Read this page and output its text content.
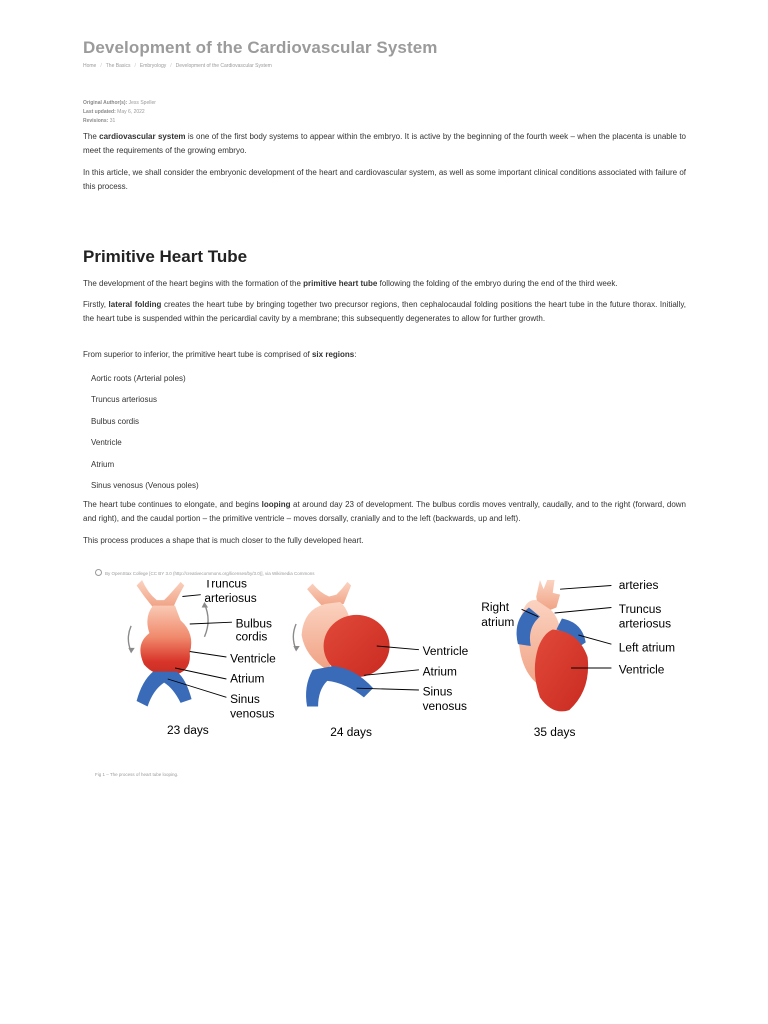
Development of the Cardiovascular System
Home / The Basics / Embryology / Development of the Cardiovascular System
Original Author(s): Jess Speller
Last updated: May 6, 2022
Revisions: 31

The cardiovascular system is one of the first body systems to appear within the embryo. It is active by the beginning of the fourth week – when the placenta is unable to meet the requirements of the growing embryo.

In this article, we shall consider the embryonic development of the heart and cardiovascular system, as well as some important clinical conditions associated with failure of this process.

Primitive Heart Tube

The development of the heart begins with the formation of the primitive heart tube following the folding of the embryo during the end of the third week.

Firstly, lateral folding creates the heart tube by bringing together two precursor regions, then cephalocaudal folding positions the heart tube in the future thorax. Initially, the heart tube is suspended within the pericardial cavity by a membrane; this subsequently degenerates to allow for further growth.

From superior to inferior, the primitive heart tube is comprised of six regions:

Aortic roots (Arterial poles)
Truncus arteriosus
Bulbus cordis
Ventricle
Atrium
Sinus venosus (Venous poles)

The heart tube continues to elongate, and begins looping at around day 23 of development. The bulbus cordis moves ventrally, caudally, and to the right (forward, down and right), and the caudal portion – the primitive ventricle – moves dorsally, cranially and to the left (backwards, up and left).

This process produces a shape that is much closer to the fully developed heart.

By OpenStax College [CC BY 3.0 (http://creativecommons.org/licenses/by/3.0)], via Wikimedia Commons
Truncus
arteriosus
Bulbus
cordis
Ventricle
Atrium
Sinus
venosus
23 days
Ventricle
Atrium
Sinus
venosus
24 days
arteries
Right
atrium
Truncus
arteriosus
Left atrium
Ventricle
35 days
Fig 1 – The process of heart tube looping.
